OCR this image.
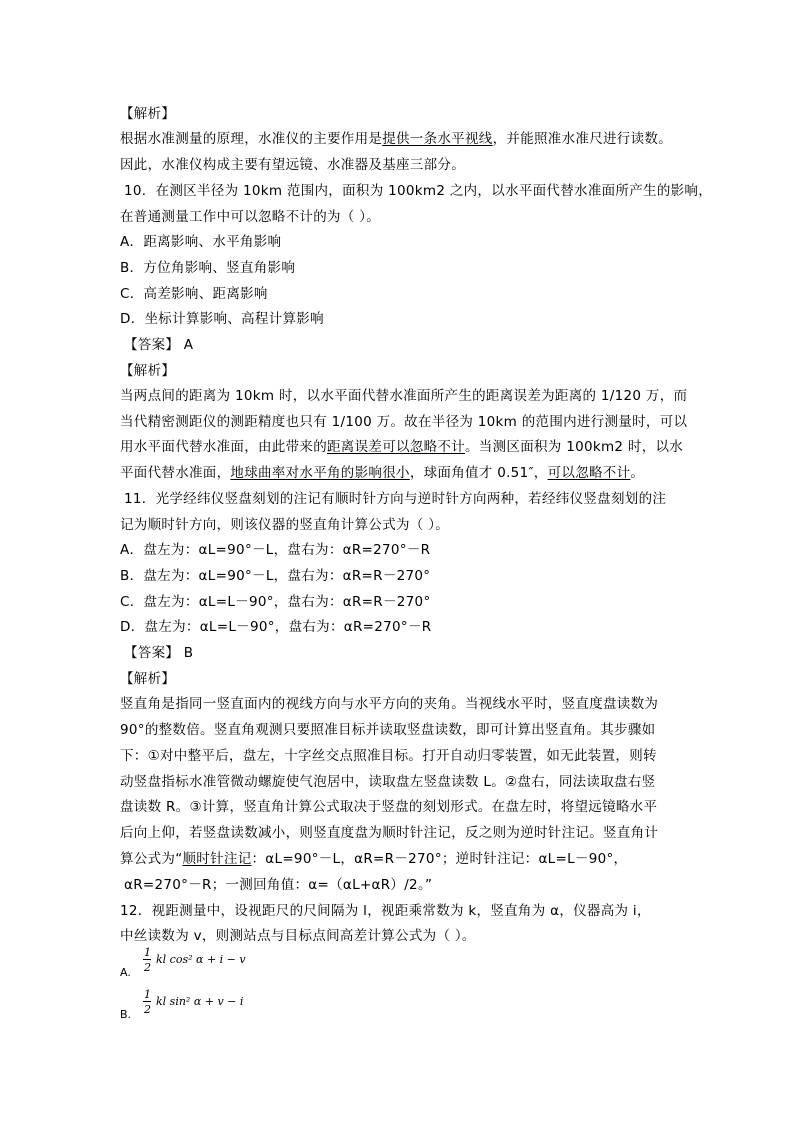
【解析】
根据水准测量的原理，水准仪的主要作用是提供一条水平视线，并能照准水准尺进行读数。
因此，水准仪构成主要有望远镜、水准器及基座三部分。
10．在测区半径为 10km 范围内，面积为 100km2 之内，以水平面代替水准面所产生的影响，
在普通测量工作中可以忽略不计的为（ ）。
A．距离影响、水平角影响
B．方位角影响、竖直角影响
C．高差影响、距离影响
D．坐标计算影响、高程计算影响
【答案】 A
【解析】
当两点间的距离为 10km 时，以水平面代替水准面所产生的距离误差为距离的 1/120 万，而
当代精密测距仪的测距精度也只有 1/100 万。故在半径为 10km 的范围内进行测量时，可以
用水平面代替水准面，由此带来的距离误差可以忽略不计。当测区面积为 100km2 时，以水
平面代替水准面，地球曲率对水平角的影响很小，球面角值才 0.51″，可以忽略不计。
11．光学经纬仪竖盘刻划的注记有顺时针方向与逆时针方向两种，若经纬仪竖盘刻划的注
记为顺时针方向，则该仪器的竖直角计算公式为（ ）。
A．盘左为：αL=90°－L，盘右为：αR=270°－R
B．盘左为：αL=90°－L，盘右为：αR=R－270°
C．盘左为：αL=L－90°，盘右为：αR=R－270°
D．盘左为：αL=L－90°，盘右为：αR=270°－R
【答案】 B
【解析】
竖直角是指同一竖直面内的视线方向与水平方向的夹角。当视线水平时，竖直度盘读数为
90°的整数倍。竖直角观测只要照准目标并读取竖盘读数，即可计算出竖直角。其步骤如
下：①对中整平后，盘左，十字丝交点照准目标。打开自动归零装置，如无此装置，则转
动竖盘指标水准管微动螺旋使气泡居中，读取盘左竖盘读数 L。②盘右，同法读取盘右竖
盘读数 R。③计算，竖直角计算公式取决于竖盘的刻划形式。在盘左时，将望远镜略水平
后向上仰，若竖盘读数减小，则竖直度盘为顺时针注记，反之则为逆时针注记。竖直角计
算公式为“顺时针注记：αL=90°－L，αR=R－270°；逆时针注记：αL=L－90°，
αR=270°－R；一测回角值：α=（αL+αR）/2。”
12．视距测量中，设视距尺的尺间隔为 l，视距乘常数为 k，竖直角为 α，仪器高为 i，
中丝读数为 v，则测站点与目标点间高差计算公式为（ ）。
A.
1
2
kl cos² α + i − v
B.
1
2
kl sin² α + v − i
